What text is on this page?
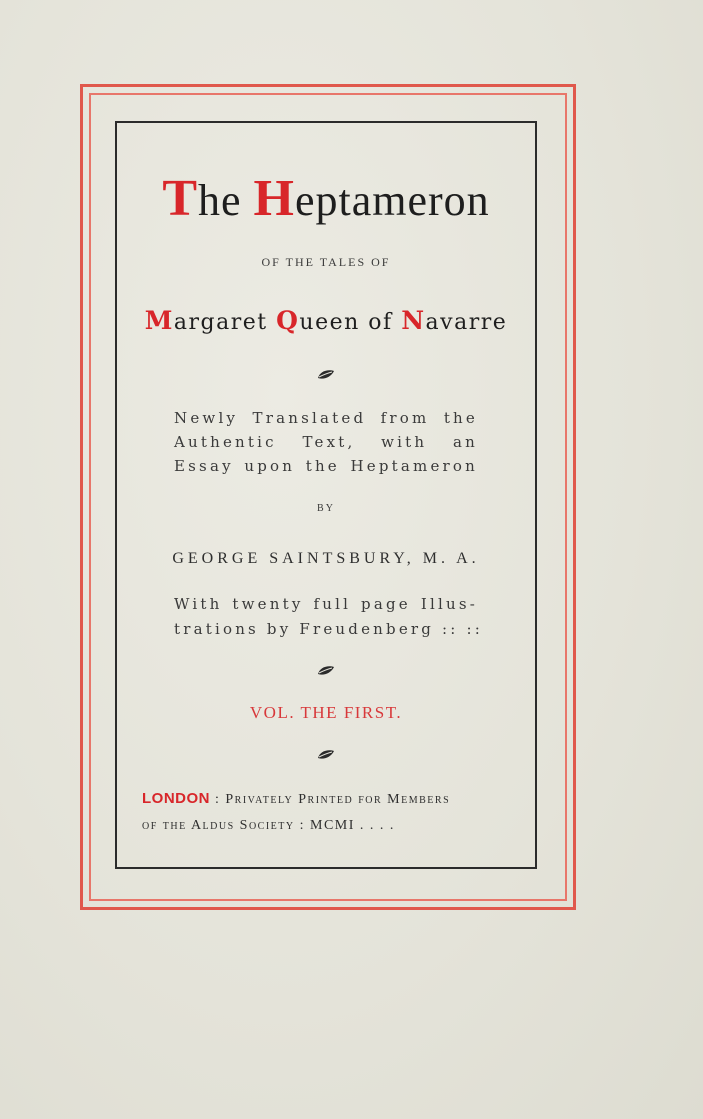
The Heptameron
OF THE TALES OF
Margaret Queen of Navarre
Newly Translated from the
Authentic Text, with an
Essay upon the Heptameron
BY
GEORGE SAINTSBURY, M. A.
With twenty full page Illus-
trations by Freudenberg :: ::
VOL. THE FIRST.
LONDON : Privately Printed for Members
of the Aldus Society : MCMI . . . .
